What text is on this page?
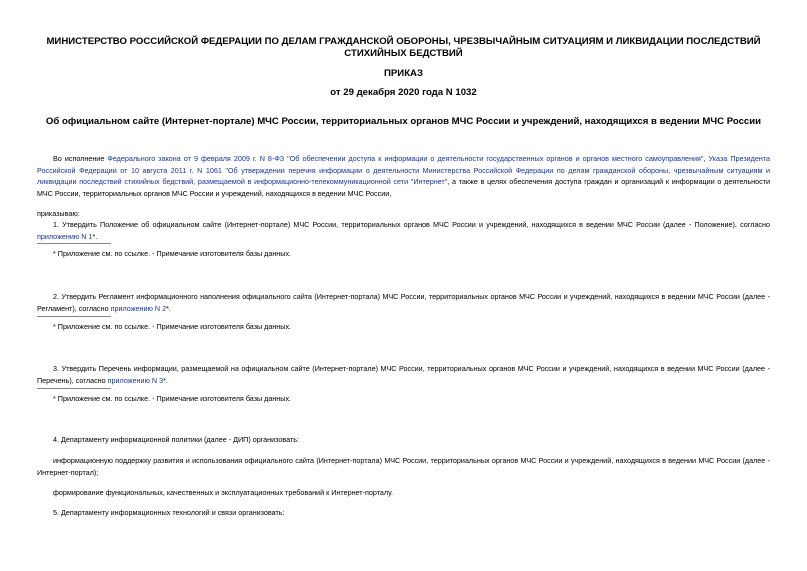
МИНИСТЕРСТВО РОССИЙСКОЙ ФЕДЕРАЦИИ ПО ДЕЛАМ ГРАЖДАНСКОЙ ОБОРОНЫ, ЧРЕЗВЫЧАЙНЫМ СИТУАЦИЯМ И ЛИКВИДАЦИИ ПОСЛЕДСТВИЙ СТИХИЙНЫХ БЕДСТВИЙ
ПРИКАЗ
от 29 декабря 2020 года N 1032
Об официальном сайте (Интернет-портале) МЧС России, территориальных органов МЧС России и учреждений, находящихся в ведении МЧС России
Во исполнение Федерального закона от 9 февраля 2009 г. N 8-ФЗ "Об обеспечении доступа к информации о деятельности государственных органов и органов местного самоуправления", Указа Президента Российской Федерации от 10 августа 2011 г. N 1061 "Об утверждении перечня информации о деятельности Министерства Российской Федерации по делам гражданской обороны, чрезвычайным ситуациям и ликвидации последствий стихийных бедствий, размещаемой в информационно-телекоммуникационной сети "Интернет", а также в целях обеспечения доступа граждан и организаций к информации о деятельности МЧС России, территориальных органов МЧС России и учреждений, находящихся в ведении МЧС России,
приказываю:
1. Утвердить Положение об официальном сайте (Интернет-портале) МЧС России, территориальных органов МЧС России и учреждений, находящихся в ведении МЧС России (далее - Положение), согласно приложению N 1*.
* Приложение см. по ссылке. - Примечание изготовителя базы данных.
2. Утвердить Регламент информационного наполнения официального сайта (Интернет-портала) МЧС России, территориальных органов МЧС России и учреждений, находящихся в ведении МЧС России (далее - Регламент), согласно приложению N 2*.
* Приложение см. по ссылке. - Примечание изготовителя базы данных.
3. Утвердить Перечень информации, размещаемой на официальном сайте (Интернет-портале) МЧС России, территориальных органов МЧС России и учреждений, находящихся в ведении МЧС России (далее - Перечень), согласно приложению N 3*.
* Приложение см. по ссылке. - Примечание изготовителя базы данных.
4. Департаменту информационной политики (далее - ДИП) организовать:
информационную поддержку развития и использования официального сайта (Интернет-портала) МЧС России, территориальных органов МЧС России и учреждений, находящихся в ведении МЧС России (далее - Интернет-портал);
формирование функциональных, качественных и эксплуатационных требований к Интернет-порталу.
5. Департаменту информационных технологий и связи организовать:
